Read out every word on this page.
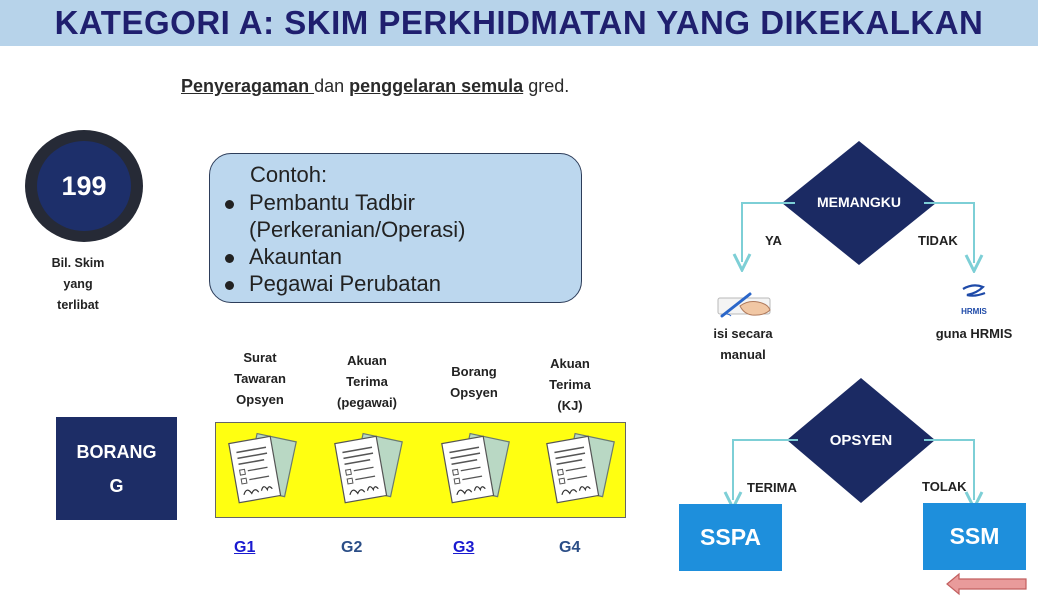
KATEGORI A: SKIM PERKHIDMATAN YANG DIKEKALKAN
Penyeragaman dan penggelaran semula gred.
199
Bil. Skim
yang
terlibat
Contoh:
Pembantu Tadbir
(Perkeranian/Operasi)
Akauntan
Pegawai Perubatan
Surat
Tawaran
Opsyen
Akuan
Terima
(pegawai)
Borang
Opsyen
Akuan
Terima
(KJ)
G1	G2	G3	G4
BORANG
G
HRMIS
MEMANGKU
YA	TIDAK
isi secara
manual
guna HRMIS
OPSYEN
TERIMA	TOLAK
SSPA	SSM
